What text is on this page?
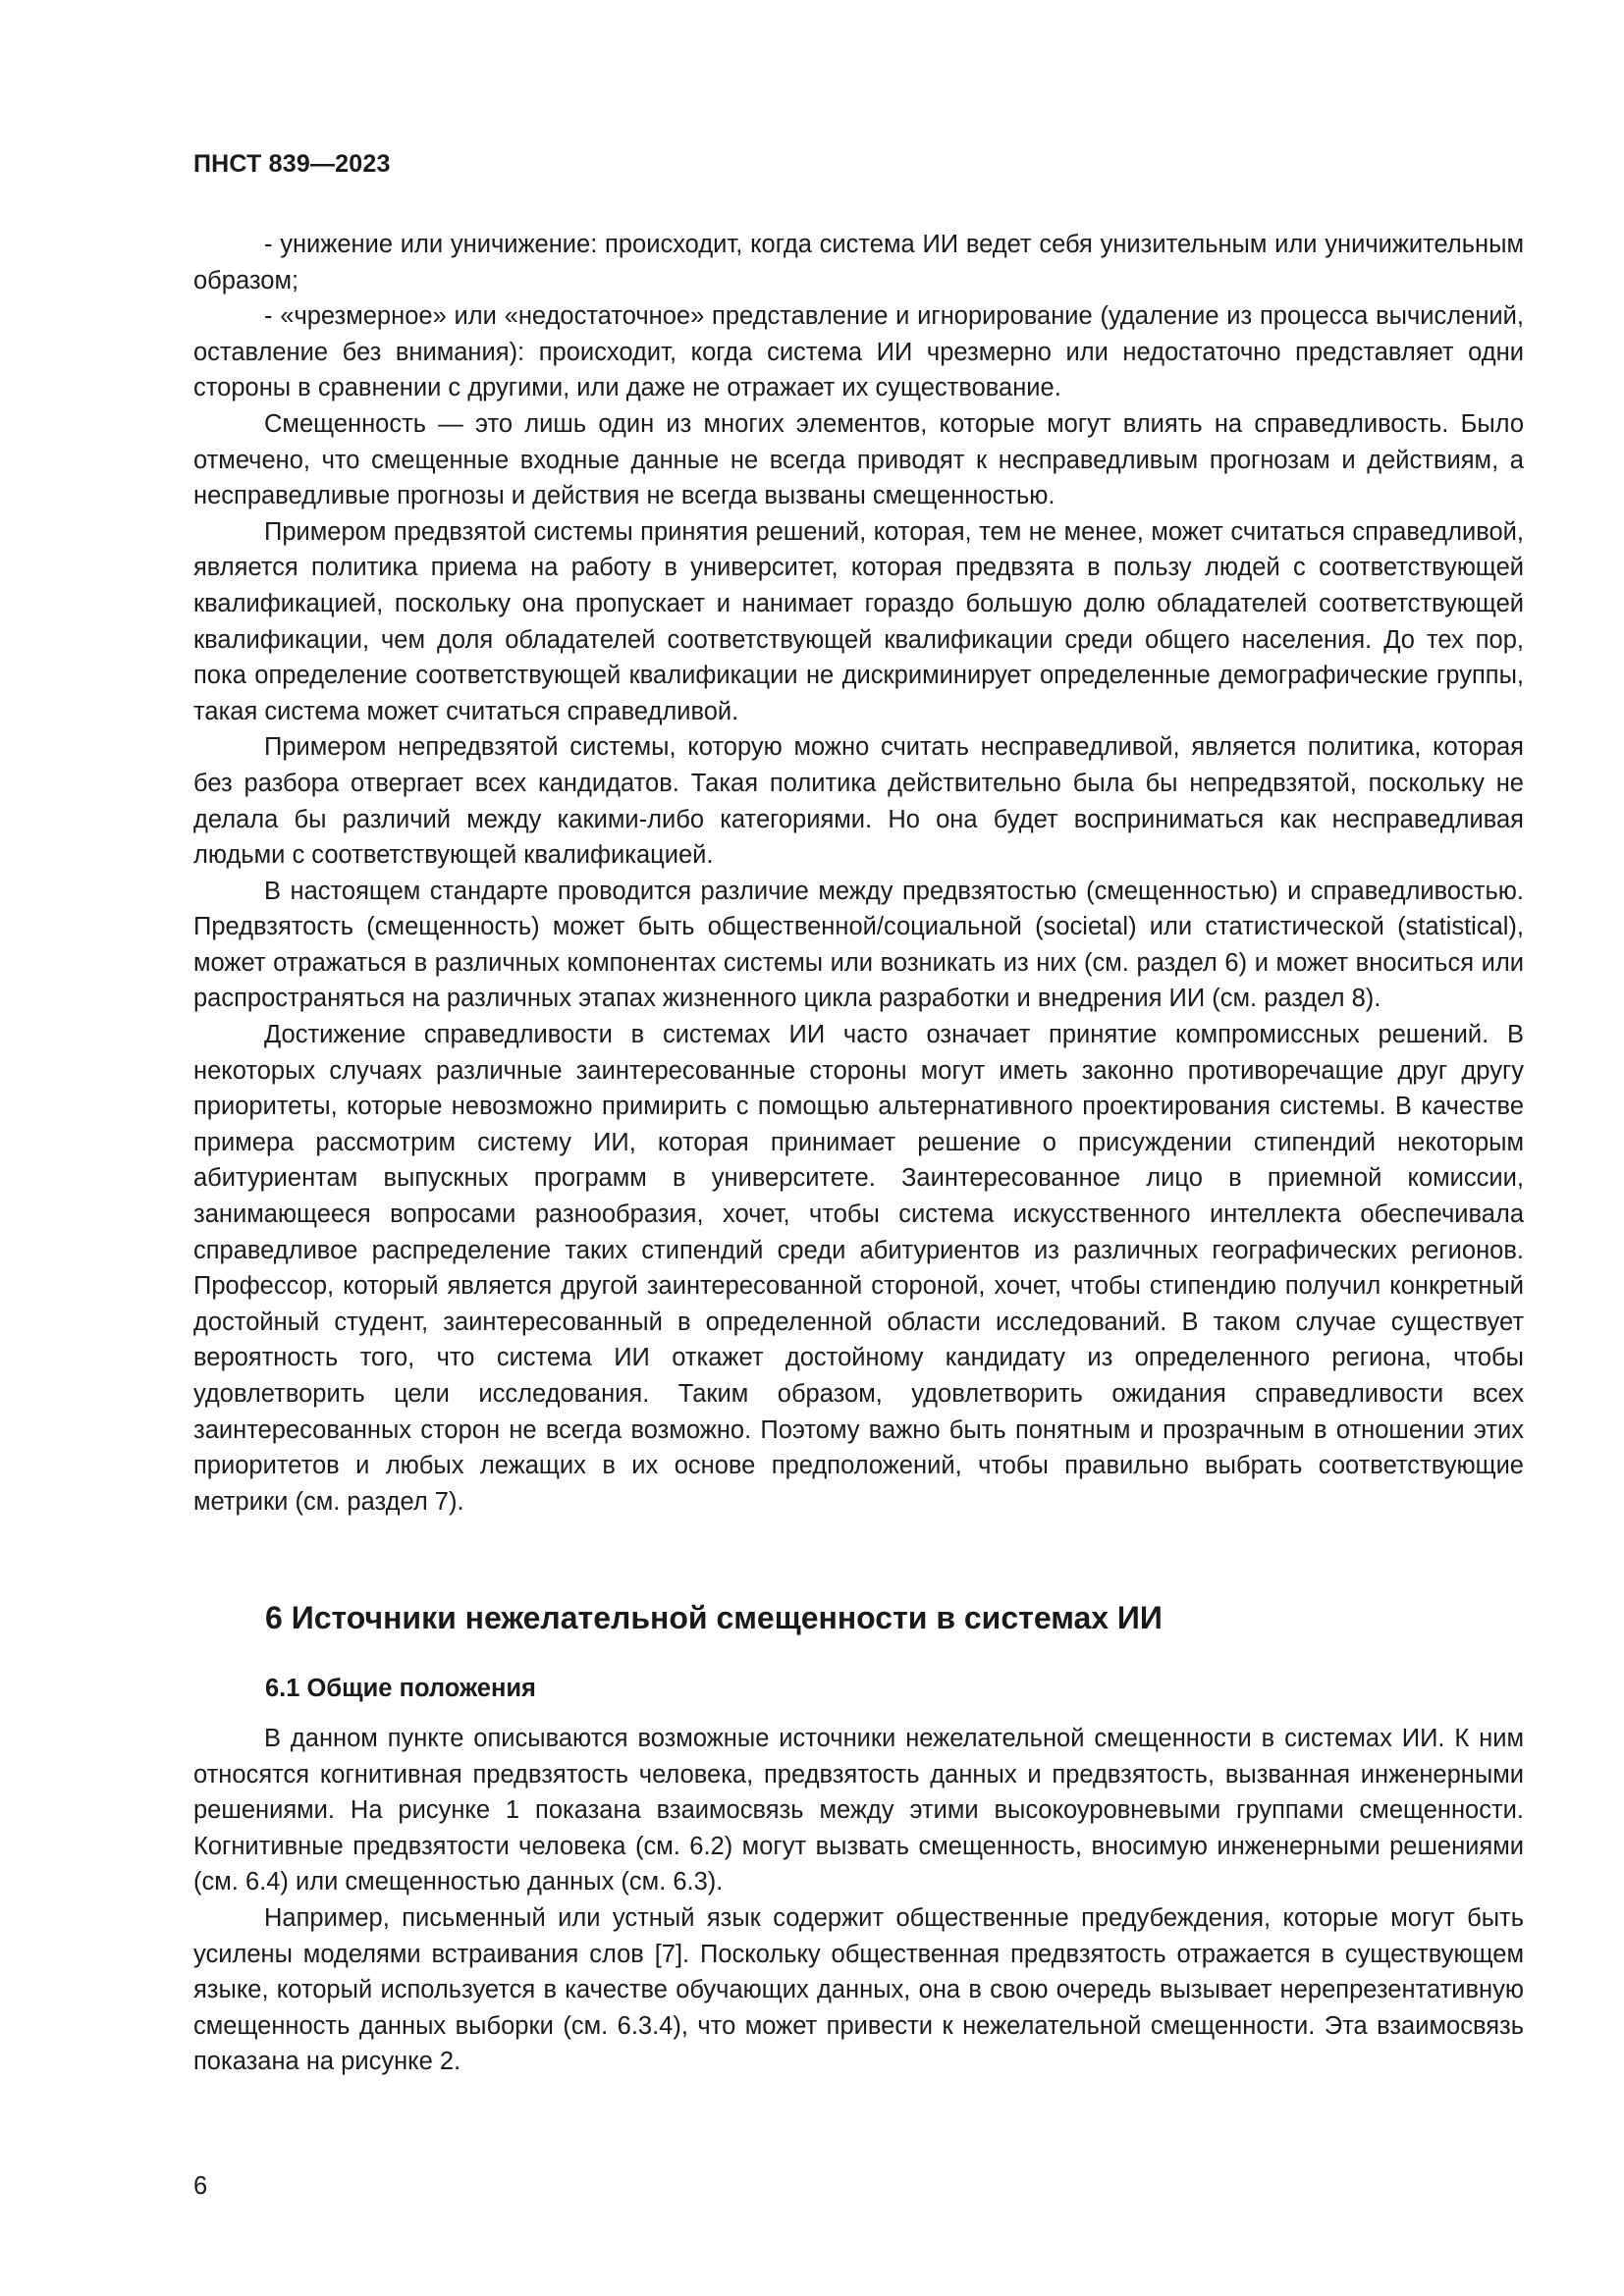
ПНСТ 839—2023

- унижение или уничижение: происходит, когда система ИИ ведет себя унизительным или уничижительным образом;

- «чрезмерное» или «недостаточное» представление и игнорирование (удаление из процесса вычислений, оставление без внимания): происходит, когда система ИИ чрезмерно или недостаточно представляет одни стороны в сравнении с другими, или даже не отражает их существование.

Смещенность — это лишь один из многих элементов, которые могут влиять на справедливость. Было отмечено, что смещенные входные данные не всегда приводят к несправедливым прогнозам и действиям, а несправедливые прогнозы и действия не всегда вызваны смещенностью.

Примером предвзятой системы принятия решений, которая, тем не менее, может считаться справедливой, является политика приема на работу в университет, которая предвзята в пользу людей с соответствующей квалификацией, поскольку она пропускает и нанимает гораздо большую долю обладателей соответствующей квалификации, чем доля обладателей соответствующей квалификации среди общего населения. До тех пор, пока определение соответствующей квалификации не дискриминирует определенные демографические группы, такая система может считаться справедливой.

Примером непредвзятой системы, которую можно считать несправедливой, является политика, которая без разбора отвергает всех кандидатов. Такая политика действительно была бы непредвзятой, поскольку не делала бы различий между какими-либо категориями. Но она будет восприниматься как несправедливая людьми с соответствующей квалификацией.

В настоящем стандарте проводится различие между предвзятостью (смещенностью) и справедливостью. Предвзятость (смещенность) может быть общественной/социальной (societal) или статистической (statistical), может отражаться в различных компонентах системы или возникать из них (см. раздел 6) и может вноситься или распространяться на различных этапах жизненного цикла разработки и внедрения ИИ (см. раздел 8).

Достижение справедливости в системах ИИ часто означает принятие компромиссных решений. В некоторых случаях различные заинтересованные стороны могут иметь законно противоречащие друг другу приоритеты, которые невозможно примирить с помощью альтернативного проектирования системы. В качестве примера рассмотрим систему ИИ, которая принимает решение о присуждении стипендий некоторым абитуриентам выпускных программ в университете. Заинтересованное лицо в приемной комиссии, занимающееся вопросами разнообразия, хочет, чтобы система искусственного интеллекта обеспечивала справедливое распределение таких стипендий среди абитуриентов из различных географических регионов. Профессор, который является другой заинтересованной стороной, хочет, чтобы стипендию получил конкретный достойный студент, заинтересованный в определенной области исследований. В таком случае существует вероятность того, что система ИИ откажет достойному кандидату из определенного региона, чтобы удовлетворить цели исследования. Таким образом, удовлетворить ожидания справедливости всех заинтересованных сторон не всегда возможно. Поэтому важно быть понятным и прозрачным в отношении этих приоритетов и любых лежащих в их основе предположений, чтобы правильно выбрать соответствующие метрики (см. раздел 7).

6 Источники нежелательной смещенности в системах ИИ
6.1 Общие положения

В данном пункте описываются возможные источники нежелательной смещенности в системах ИИ. К ним относятся когнитивная предвзятость человека, предвзятость данных и предвзятость, вызванная инженерными решениями. На рисунке 1 показана взаимосвязь между этими высокоуровневыми группами смещенности. Когнитивные предвзятости человека (см. 6.2) могут вызвать смещенность, вносимую инженерными решениями (см. 6.4) или смещенностью данных (см. 6.3).

Например, письменный или устный язык содержит общественные предубеждения, которые могут быть усилены моделями встраивания слов [7]. Поскольку общественная предвзятость отражается в существующем языке, который используется в качестве обучающих данных, она в свою очередь вызывает нерепрезентативную смещенность данных выборки (см. 6.3.4), что может привести к нежелательной смещенности. Эта взаимосвязь показана на рисунке 2.

6
